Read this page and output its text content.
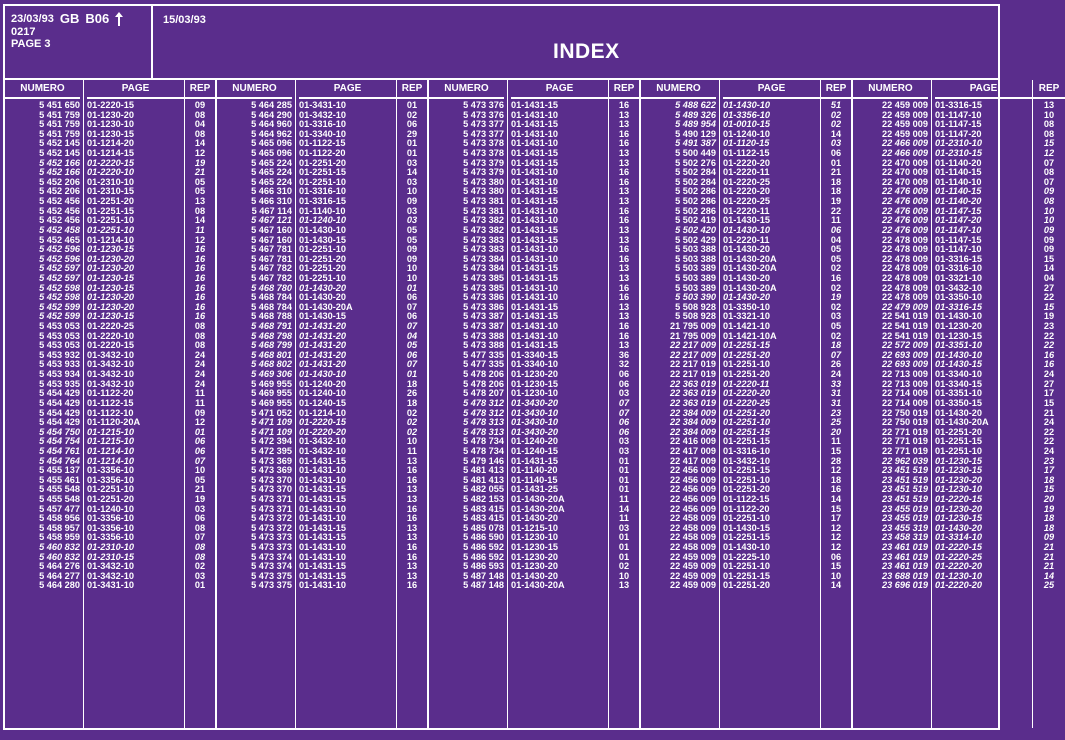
23/03/93 GB B06
0217
PAGE 3
15/03/93
INDEX
NUMERO
5 451 650
5 451 759
5 451 759
5 451 759
5 452 145
5 452 145
5 452 166
5 452 166
5 452 206
5 452 206
5 452 456
5 452 456
5 452 456
5 452 458
5 452 465
5 452 596
5 452 596
5 452 597
5 452 597
5 452 598
5 452 598
5 452 599
5 452 599
5 453 053
5 453 053
5 453 053
5 453 932
5 453 933
5 453 934
5 453 935
5 454 429
5 454 429
5 454 429
5 454 429
5 454 750
5 454 754
5 454 761
5 454 764
5 455 137
5 455 461
5 455 548
5 455 548
5 457 477
5 458 956
5 458 957
5 458 959
5 460 832
5 460 832
5 464 276
5 464 277
5 464 280
PAGE
01-2220-15
01-1230-20
01-1230-10
01-1230-15
01-1214-20
01-1214-15
01-2220-15
01-2220-10
01-2310-10
01-2310-15
01-2251-20
01-2251-15
01-2251-10
01-2251-10
01-1214-10
01-1230-15
01-1230-20
01-1230-20
01-1230-15
01-1230-15
01-1230-20
01-1230-20
01-1230-15
01-2220-25
01-2220-10
01-2220-15
01-3432-10
01-3432-10
01-3432-10
01-3432-10
01-1122-20
01-1122-15
01-1122-10
01-1120-20A
01-1215-10
01-1215-10
01-1214-10
01-1214-10
01-3356-10
01-3356-10
01-2251-10
01-2251-20
01-1240-10
01-3356-10
01-3356-10
01-3356-10
01-2310-10
01-2310-15
01-3432-10
01-3432-10
01-3431-10
REP
09
08
04
08
14
12
19
21
05
05
13
08
14
11
12
16
16
16
16
16
16
16
16
08
08
08
24
24
24
24
11
11
09
12
01
06
06
07
10
05
21
19
03
06
08
07
08
08
02
03
01
NUMERO
5 464 285
5 464 290
5 464 960
5 464 962
5 465 096
5 465 096
5 465 224
5 465 224
5 465 224
5 466 310
5 466 310
5 467 114
5 467 121
5 467 160
5 467 160
5 467 781
5 467 781
5 467 782
5 467 782
5 468 780
5 468 784
5 468 784
5 468 788
5 468 791
5 468 798
5 468 799
5 468 801
5 468 802
5 469 306
5 469 955
5 469 955
5 469 955
5 471 052
5 471 109
5 471 109
5 472 394
5 472 395
5 473 369
5 473 369
5 473 370
5 473 370
5 473 371
5 473 371
5 473 372
5 473 372
5 473 373
5 473 373
5 473 374
5 473 374
5 473 375
5 473 375
PAGE
01-3431-10
01-3432-10
01-3316-10
01-3340-10
01-1122-15
01-1122-20
01-2251-20
01-2251-15
01-2251-10
01-3316-10
01-3316-15
01-1140-10
01-1240-10
01-1430-10
01-1430-15
01-2251-10
01-2251-20
01-2251-20
01-2251-10
01-1430-20
01-1430-20
01-1430-20A
01-1430-15
01-1431-20
01-1431-20
01-1431-20
01-1431-20
01-1431-20
01-1430-10
01-1240-20
01-1240-10
01-1240-15
01-1214-10
01-2220-15
01-2220-20
01-3432-10
01-3432-10
01-1431-15
01-1431-10
01-1431-10
01-1431-15
01-1431-15
01-1431-10
01-1431-10
01-1431-15
01-1431-15
01-1431-10
01-1431-10
01-1431-15
01-1431-15
01-1431-10
REP
01
02
06
29
01
01
03
14
03
10
09
03
03
05
05
09
09
10
10
01
06
07
06
07
04
05
06
07
01
18
26
18
02
02
02
10
11
13
16
16
13
13
16
16
13
13
16
16
13
13
16
NUMERO
5 473 376
5 473 376
5 473 377
5 473 377
5 473 378
5 473 378
5 473 379
5 473 379
5 473 380
5 473 380
5 473 381
5 473 381
5 473 382
5 473 382
5 473 383
5 473 383
5 473 384
5 473 384
5 473 385
5 473 385
5 473 386
5 473 386
5 473 387
5 473 387
5 473 388
5 473 388
5 477 335
5 477 335
5 478 206
5 478 206
5 478 207
5 478 312
5 478 312
5 478 313
5 478 313
5 478 734
5 478 734
5 479 146
5 481 413
5 481 413
5 482 055
5 482 153
5 483 415
5 483 415
5 485 078
5 486 590
5 486 592
5 486 592
5 486 593
5 487 148
5 487 148
PAGE
01-1431-15
01-1431-10
01-1431-15
01-1431-10
01-1431-10
01-1431-15
01-1431-15
01-1431-10
01-1431-10
01-1431-15
01-1431-15
01-1431-10
01-1431-10
01-1431-15
01-1431-15
01-1431-10
01-1431-10
01-1431-15
01-1431-15
01-1431-10
01-1431-10
01-1431-15
01-1431-15
01-1431-10
01-1431-10
01-1431-15
01-3340-15
01-3340-10
01-1230-20
01-1230-15
01-1230-10
01-3430-20
01-3430-10
01-3430-10
01-3430-20
01-1240-20
01-1240-15
01-1431-15
01-1140-20
01-1140-15
01-1431-25
01-1430-20A
01-1430-20A
01-1430-20
01-1215-10
01-1230-10
01-1230-15
01-1230-20
01-1230-20
01-1430-20
01-1430-20A
REP
16
13
13
16
16
13
13
16
16
13
13
16
16
13
13
16
16
13
13
16
16
13
13
16
16
13
36
32
06
06
03
07
07
06
06
03
03
01
01
01
01
11
14
11
03
01
01
01
02
10
13
NUMERO
5 488 622
5 489 326
5 489 954
5 490 129
5 491 387
5 500 449
5 502 276
5 502 284
5 502 284
5 502 286
5 502 286
5 502 286
5 502 419
5 502 420
5 502 429
5 503 388
5 503 388
5 503 389
5 503 389
5 503 389
5 503 390
5 508 928
5 508 928
21 795 009
21 795 009
22 217 009
22 217 009
22 217 019
22 217 019
22 363 019
22 363 019
22 363 019
22 384 009
22 384 009
22 384 009
22 416 009
22 417 009
22 417 009
22 456 009
22 456 009
22 456 009
22 456 009
22 456 009
22 458 009
22 458 009
22 458 009
22 458 009
22 459 009
22 459 009
22 459 009
22 459 009
PAGE
01-1430-10
01-3356-10
01-0010-15
01-1240-10
01-1120-15
01-1122-15
01-2220-20
01-2220-11
01-2220-25
01-2220-20
01-2220-25
01-2220-11
01-1430-15
01-1430-10
01-2220-11
01-1430-20
01-1430-20A
01-1430-20A
01-1430-20
01-1430-20A
01-1430-20
01-3350-10
01-3321-10
01-1421-10
01-1421-10A
01-2251-15
01-2251-20
01-2251-10
01-2251-20
01-2220-11
01-2220-20
01-2220-25
01-2251-20
01-2251-10
01-2251-15
01-2251-15
01-3316-10
01-3432-10
01-2251-15
01-2251-10
01-2251-20
01-1122-15
01-1122-20
01-2251-10
01-1430-15
01-2251-15
01-1430-10
01-2225-10
01-2251-10
01-2251-15
01-2251-20
REP
51
02
02
14
03
06
01
21
18
18
19
22
11
06
04
05
05
02
16
02
19
02
03
05
02
18
07
26
24
33
31
31
23
25
20
11
15
28
12
18
16
14
15
17
12
12
12
06
15
10
14
NUMERO
22 459 009
22 459 009
22 459 009
22 459 009
22 466 009
22 466 009
22 470 009
22 470 009
22 470 009
22 476 009
22 476 009
22 476 009
22 476 009
22 476 009
22 478 009
22 478 009
22 478 009
22 478 009
22 478 009
22 478 009
22 478 009
22 479 009
22 541 019
22 541 019
22 541 019
22 572 009
22 693 009
22 693 009
22 713 009
22 713 009
22 714 009
22 714 009
22 750 019
22 750 019
22 771 019
22 771 019
22 771 019
22 962 039
23 451 519
23 451 519
23 451 519
23 451 519
23 455 019
23 455 019
23 455 319
23 458 319
23 461 019
23 461 019
23 461 019
23 688 019
23 696 019
PAGE
01-3316-15
01-1147-10
01-1147-15
01-1147-20
01-2310-10
01-2310-15
01-1140-20
01-1140-15
01-1140-10
01-1140-15
01-1140-20
01-1147-15
01-1147-20
01-1147-10
01-1147-15
01-1147-10
01-3316-15
01-3316-10
01-3321-10
01-3432-10
01-3350-10
01-3316-15
01-1430-10
01-1230-20
01-1230-15
01-3351-10
01-1430-10
01-1430-15
01-3340-10
01-3340-15
01-3351-10
01-3350-15
01-1430-20
01-1430-20A
01-2251-20
01-2251-15
01-2251-10
01-1230-15
01-1230-15
01-1230-20
01-1230-10
01-2220-15
01-1230-20
01-1230-15
01-1430-20
01-3314-10
01-2220-15
01-2220-25
01-2220-20
01-1230-10
01-2220-20
REP
13
10
08
08
15
12
07
08
07
09
08
10
10
09
09
09
15
14
04
27
22
15
19
23
22
22
16
16
24
27
17
15
21
24
22
22
24
23
17
18
15
20
19
18
18
09
21
21
21
14
25
